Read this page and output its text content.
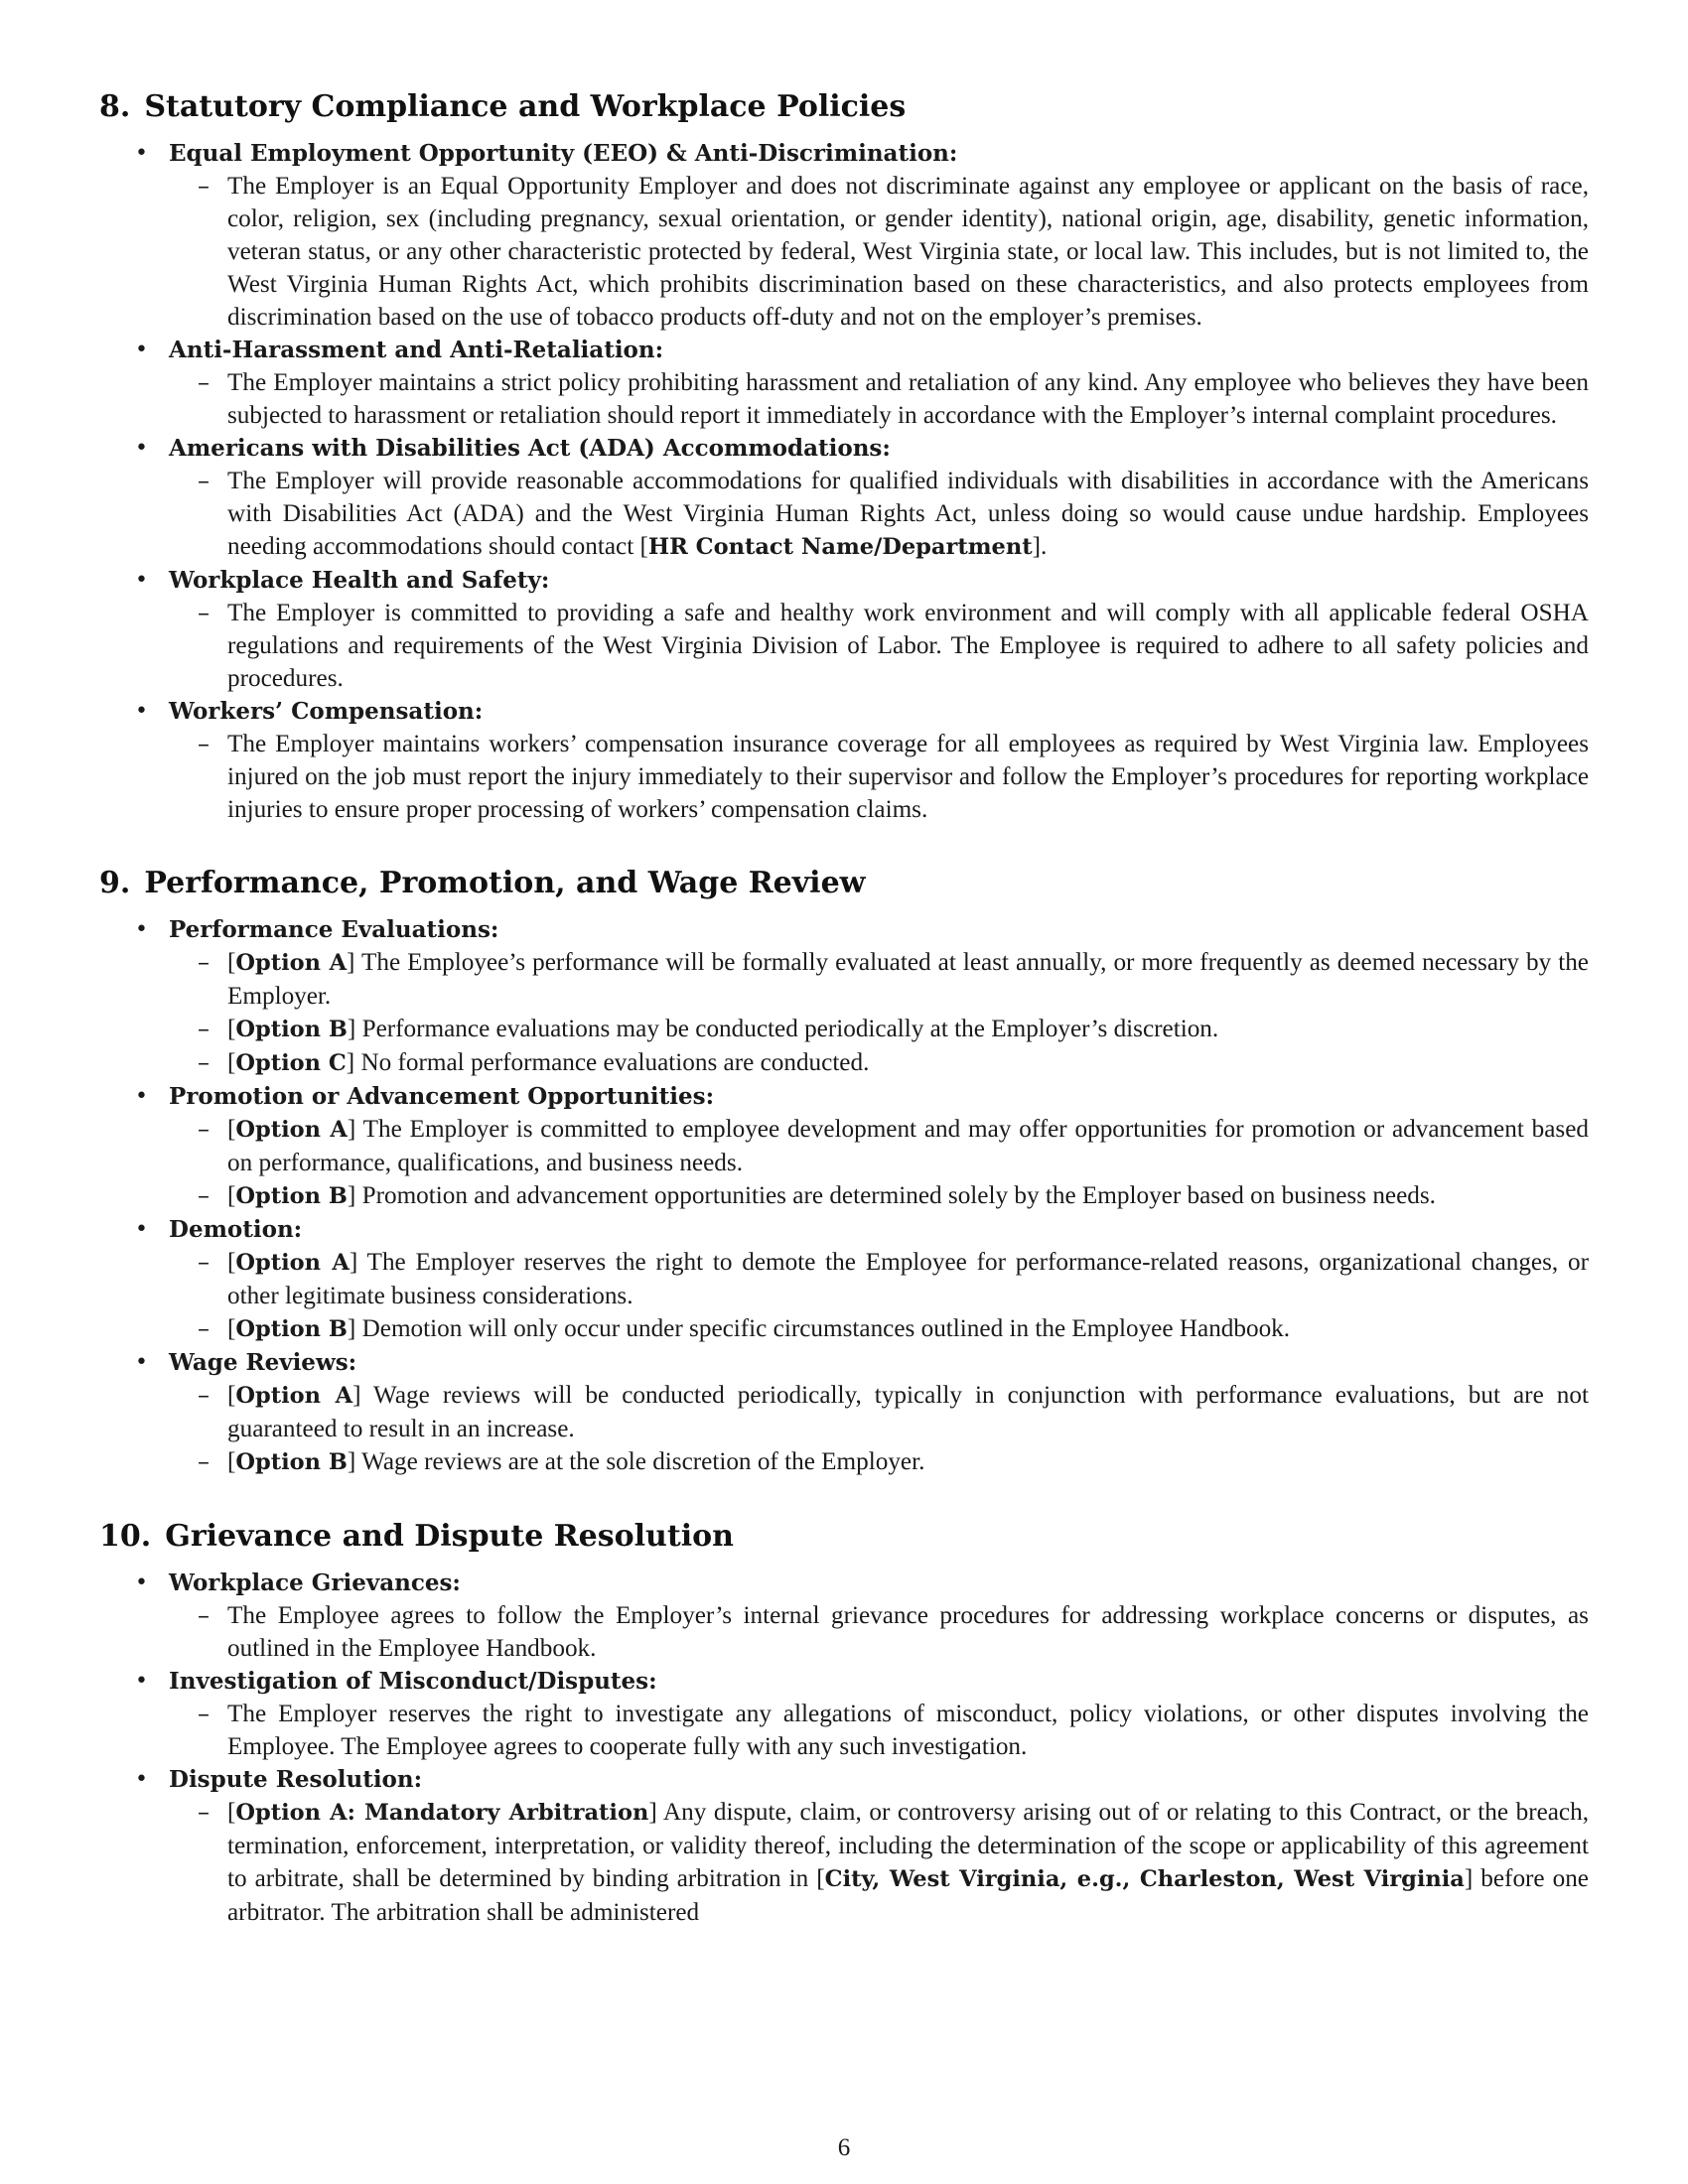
8. Statutory Compliance and Workplace Policies
• Equal Employment Opportunity (EEO) & Anti-Discrimination:
– The Employer is an Equal Opportunity Employer and does not discriminate against any employee or applicant on the basis of race, color, religion, sex (including pregnancy, sexual orientation, or gender identity), national origin, age, disability, genetic information, veteran status, or any other characteristic protected by federal, West Virginia state, or local law. This includes, but is not limited to, the West Virginia Human Rights Act, which prohibits discrimination based on these characteristics, and also protects employees from discrimination based on the use of tobacco products off-duty and not on the employer’s premises.
• Anti-Harassment and Anti-Retaliation:
– The Employer maintains a strict policy prohibiting harassment and retaliation of any kind. Any employee who believes they have been subjected to harassment or retaliation should report it immediately in accordance with the Employer’s internal complaint procedures.
• Americans with Disabilities Act (ADA) Accommodations:
– The Employer will provide reasonable accommodations for qualified individuals with disabilities in accordance with the Americans with Disabilities Act (ADA) and the West Virginia Human Rights Act, unless doing so would cause undue hardship. Employees needing accommodations should contact [HR Contact Name/Department].
• Workplace Health and Safety:
– The Employer is committed to providing a safe and healthy work environment and will comply with all applicable federal OSHA regulations and requirements of the West Virginia Division of Labor. The Employee is required to adhere to all safety policies and procedures.
• Workers’ Compensation:
– The Employer maintains workers’ compensation insurance coverage for all employees as required by West Virginia law. Employees injured on the job must report the injury immediately to their supervisor and follow the Employer’s procedures for reporting workplace injuries to ensure proper processing of workers’ compensation claims.
9. Performance, Promotion, and Wage Review
• Performance Evaluations:
– [Option A] The Employee’s performance will be formally evaluated at least annually, or more frequently as deemed necessary by the Employer.
– [Option B] Performance evaluations may be conducted periodically at the Employer’s discretion.
– [Option C] No formal performance evaluations are conducted.
• Promotion or Advancement Opportunities:
– [Option A] The Employer is committed to employee development and may offer opportunities for promotion or advancement based on performance, qualifications, and business needs.
– [Option B] Promotion and advancement opportunities are determined solely by the Employer based on business needs.
• Demotion:
– [Option A] The Employer reserves the right to demote the Employee for performance-related reasons, organizational changes, or other legitimate business considerations.
– [Option B] Demotion will only occur under specific circumstances outlined in the Employee Handbook.
• Wage Reviews:
– [Option A] Wage reviews will be conducted periodically, typically in conjunction with performance evaluations, but are not guaranteed to result in an increase.
– [Option B] Wage reviews are at the sole discretion of the Employer.
10. Grievance and Dispute Resolution
• Workplace Grievances:
– The Employee agrees to follow the Employer’s internal grievance procedures for addressing workplace concerns or disputes, as outlined in the Employee Handbook.
• Investigation of Misconduct/Disputes:
– The Employer reserves the right to investigate any allegations of misconduct, policy violations, or other disputes involving the Employee. The Employee agrees to cooperate fully with any such investigation.
• Dispute Resolution:
– [Option A: Mandatory Arbitration] Any dispute, claim, or controversy arising out of or relating to this Contract, or the breach, termination, enforcement, interpretation, or validity thereof, including the determination of the scope or applicability of this agreement to arbitrate, shall be determined by binding arbitration in [City, West Virginia, e.g., Charleston, West Virginia] before one arbitrator. The arbitration shall be administered
6
